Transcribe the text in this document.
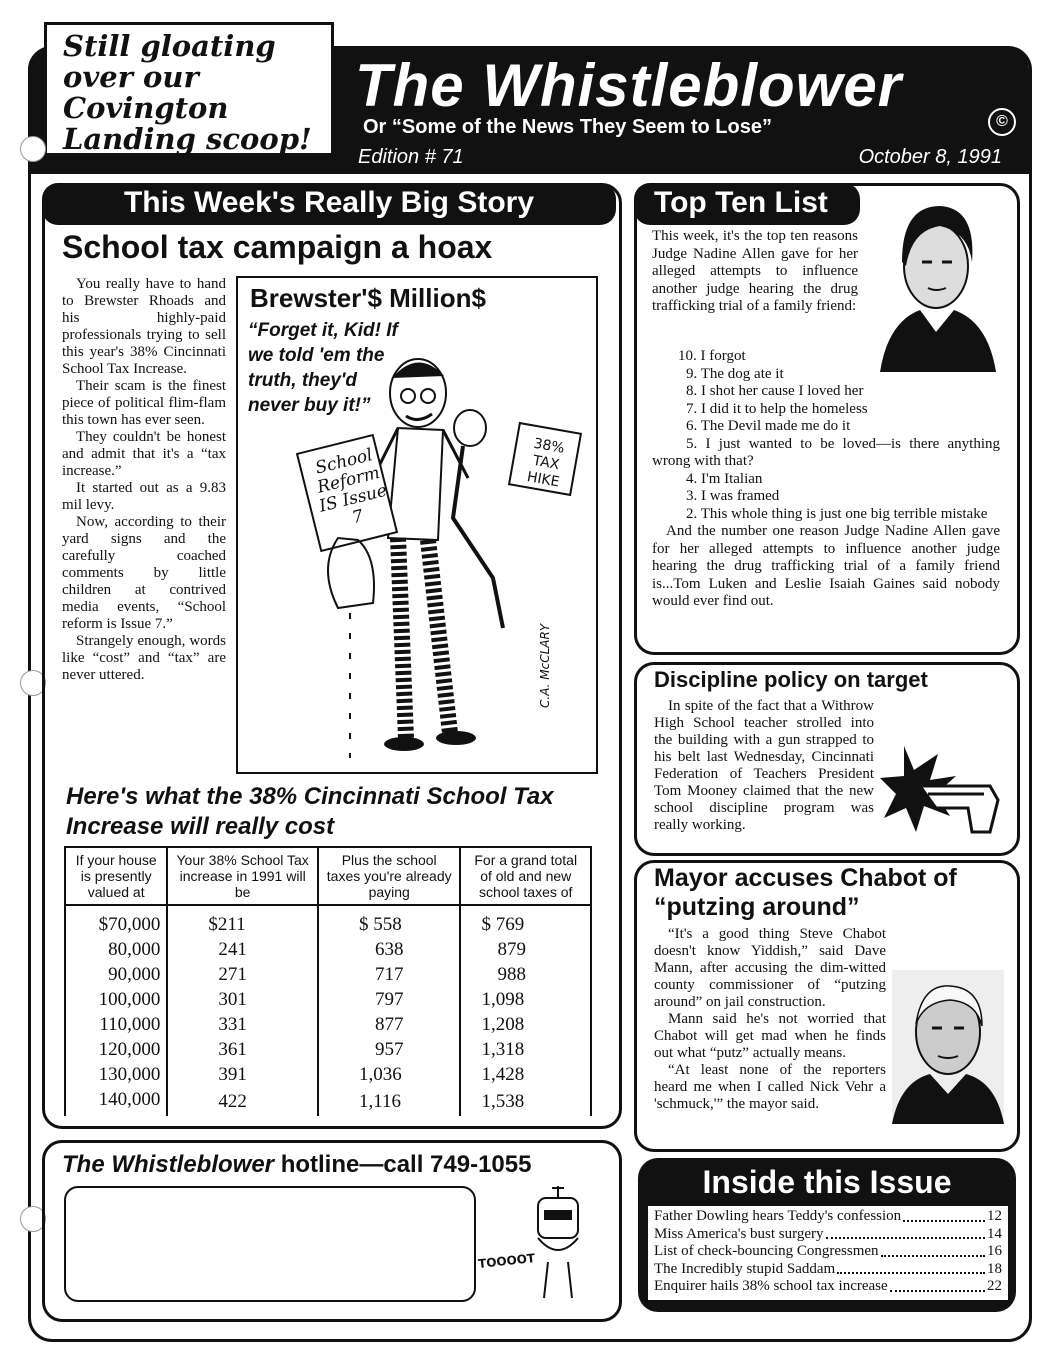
Still gloating over our Covington Landing scoop!
The Whistleblower
©
Or “Some of the News They Seem to Lose”
Edition # 71	October 8, 1991
This Week's Really Big Story
School tax campaign a hoax

You really have to hand to Brewster Rhoads and his highly-paid professionals trying to sell this year's 38% Cincinnati School Tax Increase.

Their scam is the finest piece of political flim-flam this town has ever seen.

They couldn't be honest and admit that it's a “tax increase.”

It started out as a 9.83 mil levy.

Now, according to their yard signs and the carefully coached comments by little children at contrived media events, “School reform is Issue 7.”

Strangely enough, words like “cost” and “tax” are never uttered.

Brewster'$ Million$
“Forget it, Kid! If we told 'em the truth, they'd never buy it!”
School Reform IS Issue 7
38% TAX HIKE
C.A. McCLARY
Here's what the 38% Cincinnati School Tax Increase will really cost
If your house is presently valued at	Your 38% School Tax increase in 1991 will be	Plus the school taxes you're already paying	For a grand total of old and new school taxes of
$70,000	$211	$ 558	$ 769
80,000	241	638	879
90,000	271	717	988
100,000	301	797	1,098
110,000	331	877	1,208
120,000	361	957	1,318
130,000	391	1,036	1,428
140,000	422	1,116	1,538
The Whistleblower hotline—call 749-1055
TOOOOT
Top Ten List
This week, it's the top ten reasons Judge Nadine Allen gave for her alleged attempts to influence another judge hearing the drug trafficking trial of a family friend:
10. I forgot
9. The dog ate it
8. I shot her cause I loved her
7. I did it to help the homeless
6. The Devil made me do it
5. I just wanted to be loved—is there anything wrong with that?
4. I'm Italian
3. I was framed
2. This whole thing is just one big terrible mistake
And the number one reason Judge Nadine Allen gave for her alleged attempts to influence another judge hearing the drug trafficking trial of a family friend is...Tom Luken and Leslie Isaiah Gaines said nobody would ever find out.
Discipline policy on target

In spite of the fact that a Withrow High School teacher strolled into the building with a gun strapped to his belt last Wednesday, Cincinnati Federation of Teachers President Tom Mooney claimed that the new school discipline program was really working.

Mayor accuses Chabot of “putzing around”

“It's a good thing Steve Chabot doesn't know Yiddish,” said Dave Mann, after accusing the dim-witted county commissioner of “putzing around” on jail construction.

Mann said he's not worried that Chabot will get mad when he finds out what “putz” actually means.

“At least none of the reporters heard me when I called Nick Vehr a 'schmuck,'” the mayor said.

Inside this Issue
Father Dowling hears Teddy's confession	12
Miss America's bust surgery	14
List of check-bouncing Congressmen	16
The Incredibly stupid Saddam	18
Enquirer hails 38% school tax increase	22
